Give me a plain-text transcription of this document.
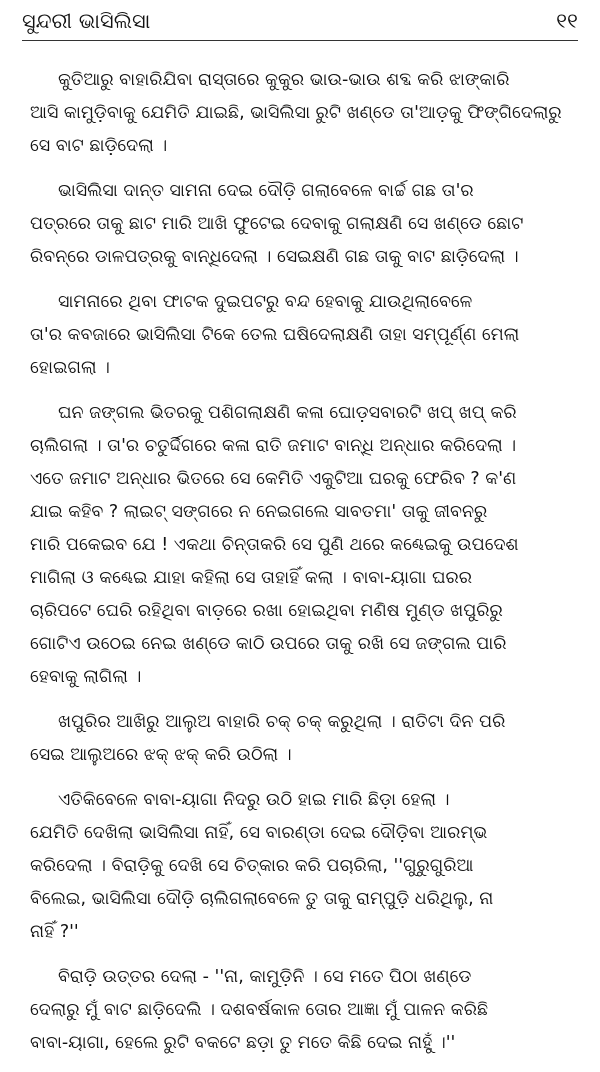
ସୁନ୍ଦରୀ ଭାସିଲିସା	୧୧
କୁତିଆରୁ ବାହାରିଯିବା ରାସ୍ତାରେ କୁକୁର ଭାଉ-ଭାଉ ଶବ୍ଦ କରି ଝାଙ୍କାରି
ଆସି କାମୁଡ଼ିବାକୁ ଯେମିତି ଯାଇଛି, ଭାସିଲିସା ରୁଟି ଖଣ୍ଡେ ତା'ଆଡ଼କୁ ଫିଙ୍ଗିଦେଲାରୁ
ସେ ବାଟ ଛାଡ଼ିଦେଲା ।
ଭାସିଲିସା ଦାନ୍ତ ସାମନା ଦେଇ ଦୌଡ଼ି ଗଲାବେଳେ ବାର୍ଚ୍ଚ ଗଛ ତା'ର
ପତ୍ରରେ ତାକୁ ଛାଟ ମାରି ଆଖି ଫୁଟେଇ ଦେବାକୁ ଗଲାକ୍ଷଣି ସେ ଖଣ୍ଡେ ଛୋଟ
ରିବନ୍‌ରେ ଡାଳପତ୍ରକୁ ବାନ୍ଧିଦେଲା । ସେଇକ୍ଷଣି ଗଛ ତାକୁ ବାଟ ଛାଡ଼ିଦେଲା ।
ସାମନାରେ ଥିବା ଫାଟକ ଦୁଇପଟରୁ ବନ୍ଦ ହେବାକୁ ଯାଉଥିଲାବେଳେ
ତା'ର କବଜାରେ ଭାସିଲିସା ଟିକେ ତେଲ ଘଷିଦେଲାକ୍ଷଣି ତାହା ସମ୍ପୂର୍ଣ୍ଣ ମେଲା
ହୋଇଗଲା ।
ଘନ ଜଙ୍ଗଲ ଭିତରକୁ ପଶିଗଲାକ୍ଷଣି କଳା ଘୋଡ଼ସବାରଟି ଖପ୍ ଖପ୍ କରି
ଚାଲିଗଲା । ତା'ର ଚତୁର୍ଦ୍ଦିଗରେ କଳା ରାତି ଜମାଟ ବାନ୍ଧି ଅନ୍ଧାର କରିଦେଲା ।
ଏତେ ଜମାଟ ଅନ୍ଧାର ଭିତରେ ସେ କେମିତି ଏକୁଟିଆ ଘରକୁ ଫେରିବ ? କ'ଣ
ଯାଇ କହିବ ? ଲାଇଟ୍ ସଙ୍ଗରେ ନ ନେଇଗଲେ ସାବତମା' ତାକୁ ଜୀବନରୁ
ମାରି ପକେଇବ ଯେ ! ଏକଥା ଚିନ୍ତାକରି ସେ ପୁଣି ଥରେ କଣ୍ଢେଇକୁ ଉପଦେଶ
ମାଗିଲା ଓ କଣ୍ଢେଇ ଯାହା କହିଲା ସେ ତାହାହିଁ କଲା । ବାବା-ୟାଗା ଘରର
ଚାରିପଟେ ଘେରି ରହିଥିବା ବାଡ଼ରେ ରଖା ହୋଇଥିବା ମଣିଷ ମୁଣ୍ଡ ଖପୁରିରୁ
ଗୋଟିଏ ଉଠେଇ ନେଇ ଖଣ୍ଡେ କାଠି ଉପରେ ତାକୁ ରଖି ସେ ଜଙ୍ଗଲ ପାରି
ହେବାକୁ ଲାଗିଲା ।
ଖପୁରିର ଆଖିରୁ ଆଲୁଅ ବାହାରି ଚକ୍ ଚକ୍ କରୁଥିଲା । ରାତିଟା ଦିନ ପରି
ସେଇ ଆଲୁଅରେ ଝକ୍ ଝକ୍ କରି ଉଠିଲା ।
ଏତିକିବେଳେ ବାବା-ୟାଗା ନିଦରୁ ଉଠି ହାଇ ମାରି ଛିଡ଼ା ହେଲା ।
ଯେମିତି ଦେଖିଲା ଭାସିଲିସା ନାହିଁ, ସେ ବାରଣ୍ଡା ଦେଇ ଦୌଡ଼ିବା ଆରମ୍ଭ
କରିଦେଲା । ବିରାଡ଼ିକୁ ଦେଖି ସେ ଚିତ୍କାର କରି ପଚାରିଲା, ''ଗୁରୁଗୁରିଆ
ବିଲେଇ, ଭାସିଲିସା ଦୌଡ଼ି ଚାଲିଗଲାବେଳେ ତୁ ତାକୁ ରାମ୍ପୁଡ଼ି ଧରିଥିଲୁ, ନା
ନାହିଁ ?''
ବିରାଡ଼ି ଉତ୍ତର ଦେଲା - ''ନା, କାମୁଡ଼ିନି । ସେ ମତେ ପିଠା ଖଣ୍ଡେ
ଦେଲାରୁ ମୁଁ ବାଟ ଛାଡ଼ିଦେଲି । ଦଶବର୍ଷକାଳ ତୋର ଆଜ୍ଞା ମୁଁ ପାଳନ କରିଛି
ବାବା-ୟାଗା, ହେଲେ ରୁଟି ବକଟେ ଛଡ଼ା ତୁ ମତେ କିଛି ଦେଇ ନାହୁଁ ।''
